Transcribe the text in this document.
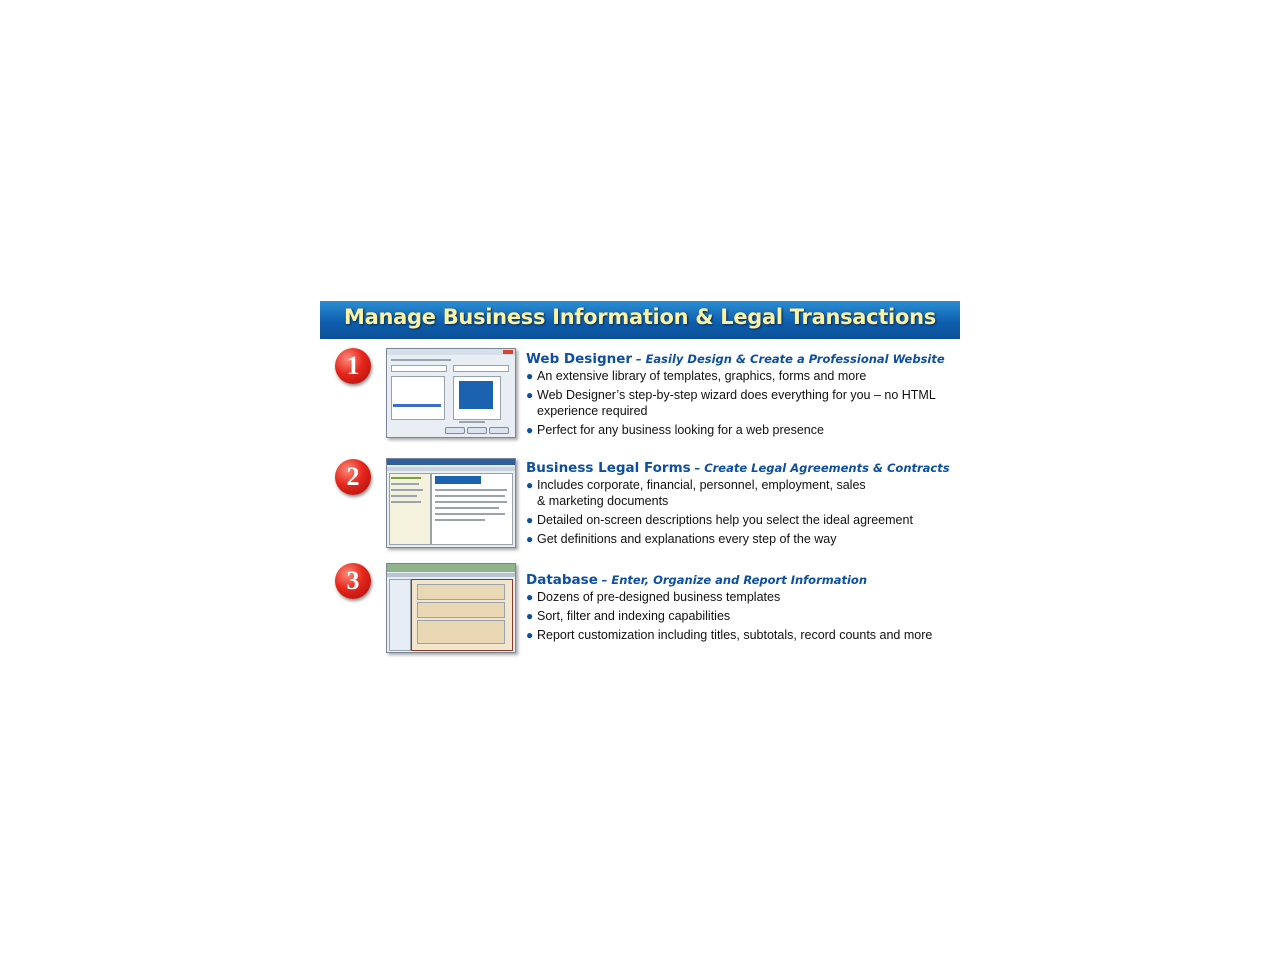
Manage Business Information & Legal Transactions
1	Web Designer – Easily Design & Create a Professional Website
● An extensive library of templates, graphics, forms and more
● Web Designer’s step-by-step wizard does everything for you – no HTML experience required
● Perfect for any business looking for a web presence
2	Business Legal Forms – Create Legal Agreements & Contracts
● Includes corporate, financial, personnel, employment, sales & marketing documents
● Detailed on-screen descriptions help you select the ideal agreement
● Get definitions and explanations every step of the way
3	Database – Enter, Organize and Report Information
● Dozens of pre-designed business templates
● Sort, filter and indexing capabilities
● Report customization including titles, subtotals, record counts and more
